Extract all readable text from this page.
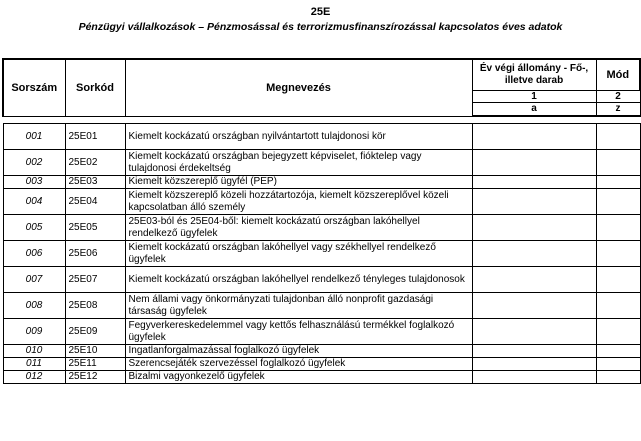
25E
Pénzügyi vállalkozások – Pénzmosással és terrorizmusfinanszírozással kapcsolatos éves adatok
Sorszám	Sorkód	Megnevezés	Év végi állomány - Fő-, illetve darab	Mód
			1	2
			a	z

001	25E01	Kiemelt kockázatú országban nyilvántartott tulajdonosi kör		
002	25E02	Kiemelt kockázatú országban bejegyzett képviselet, fióktelep vagy tulajdonosi érdekeltség		
003	25E03	Kiemelt közszereplő ügyfél (PEP)		
004	25E04	Kiemelt közszereplő közeli hozzátartozója, kiemelt közszereplővel közeli kapcsolatban álló személy		
005	25E05	25E03-ból és 25E04-ből: kiemelt kockázatú országban lakóhellyel rendelkező ügyfelek		
006	25E06	Kiemelt kockázatú országban lakóhellyel vagy székhellyel rendelkező ügyfelek		
007	25E07	Kiemelt kockázatú országban lakóhellyel rendelkező tényleges tulajdonosok		
008	25E08	Nem állami vagy önkormányzati tulajdonban álló nonprofit gazdasági társaság ügyfelek		
009	25E09	Fegyverkereskedelemmel vagy kettős felhasználású termékkel foglalkozó ügyfelek		
010	25E10	Ingatlanforgalmazással foglalkozó ügyfelek		
011	25E11	Szerencsejáték szervezéssel foglalkozó ügyfelek		
012	25E12	Bizalmi vagyonkezelő ügyfelek		
